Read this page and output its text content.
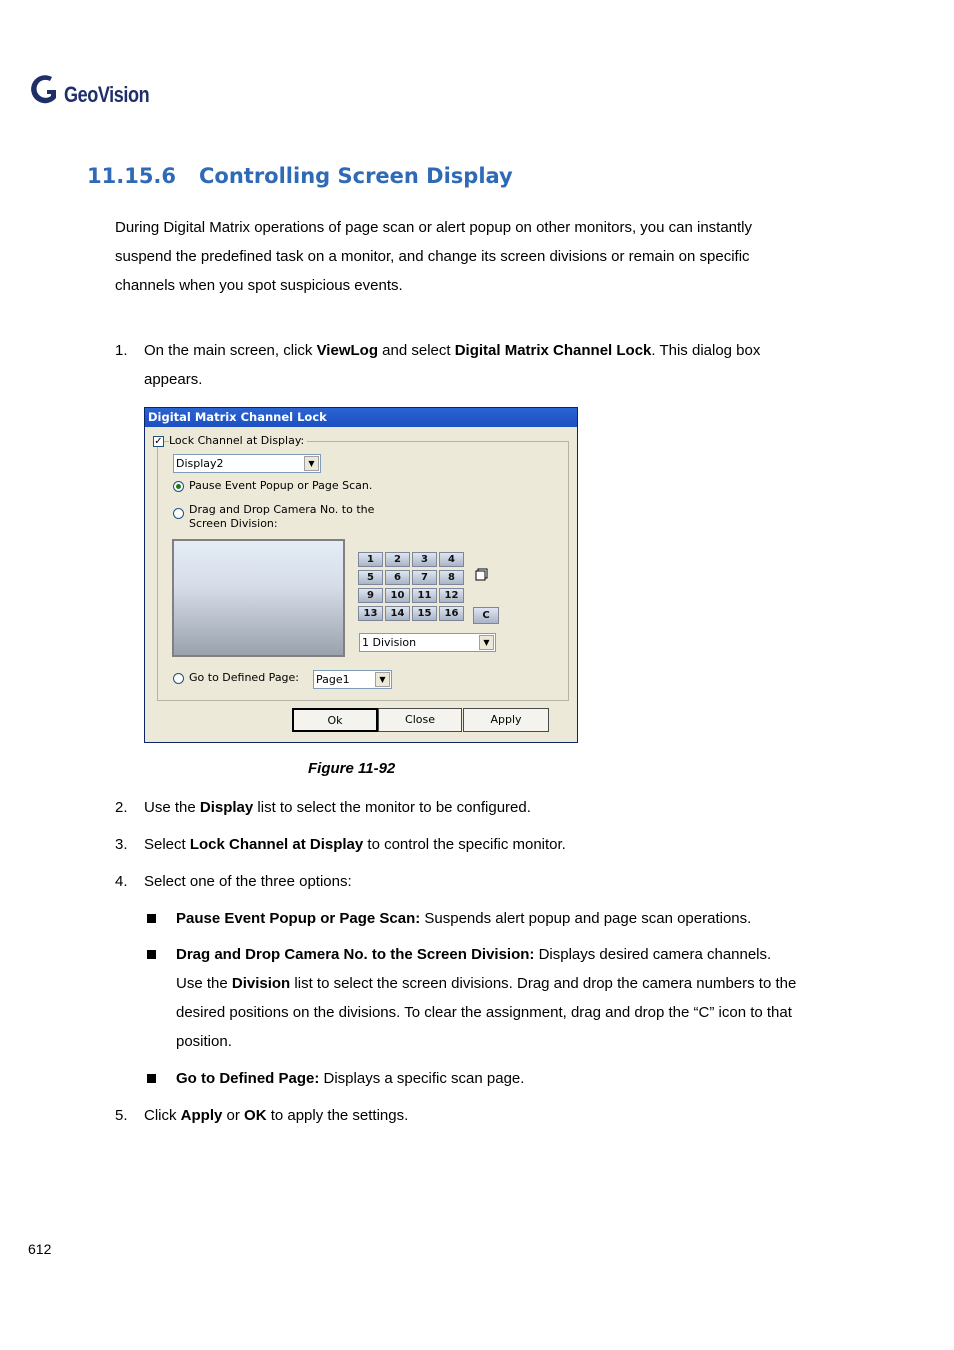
GeoVision
11.15.6 Controlling Screen Display
During Digital Matrix operations of page scan or alert popup on other monitors, you can instantly
suspend the predefined task on a monitor, and change its screen divisions or remain on specific
channels when you spot suspicious events.
1. On the main screen, click ViewLog and select Digital Matrix Channel Lock. This dialog box
appears.
Digital Matrix Channel Lock
✓ Lock Channel at Display:
Display2	▼
Pause Event Popup or Page Scan.
Drag and Drop Camera No. to the
Screen Division:
1	2	3	4
5	6	7	8
9	10	11	12
13	14	15	16	C
1 Division	▼
Go to Defined Page: Page1	▼
Ok	Close	Apply
Figure 11-92
2. Use the Display list to select the monitor to be configured.
3. Select Lock Channel at Display to control the specific monitor.
4. Select one of the three options:
Pause Event Popup or Page Scan: Suspends alert popup and page scan operations.
Drag and Drop Camera No. to the Screen Division: Displays desired camera channels.
Use the Division list to select the screen divisions. Drag and drop the camera numbers to the
desired positions on the divisions. To clear the assignment, drag and drop the “C” icon to that
position.
Go to Defined Page: Displays a specific scan page.
5. Click Apply or OK to apply the settings.
612
